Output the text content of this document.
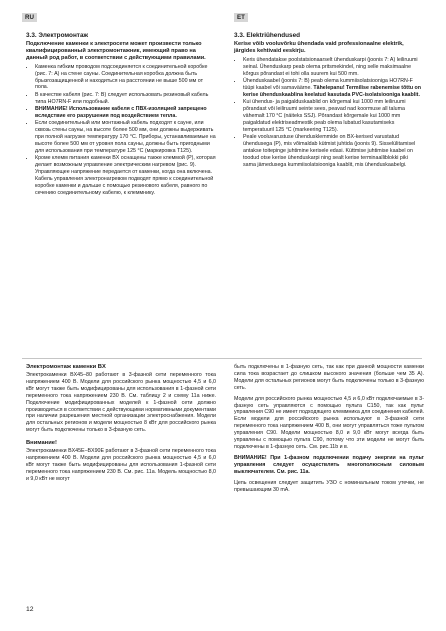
RU	ET
3.3. Электромонтаж

Подключение каменки к электросети может произвести только квалифицированный электромонтажник, имеющий право на данный род работ, в соответствии с действующими правилами.

• Каменка гибким проводом подсоединяется к соединительной коробке (рис. 7: А) на стене сауны. Соединительная коробка должна быть брызгозащищенной и находиться на расстоянии не выше 500 мм от пола.
• В качестве кабеля (рис. 7: В) следует использовать резиновый кабель типа HO7RN-F или подобный.
• ВНИМАНИЕ! Использование кабеля с ПВХ-изоляцией запрещено вследствие его разрушения под воздействием тепла.
• Если соединительный или монтажный кабель подходят к сауне, или сквозь стены сауны, на высоте более 500 мм, они должны выдерживать при полной нагрузке температуру 170 °C. Приборы, устанавливаемые на высоте более 500 мм от уровня пола сауны, должны быть пригодными для использования при температуре 125 °C (маркировка T125).
• Кроме клемм питания каменки BX оснащены также клеммой (P), которая делает возможным управление электрическим нагревом (рис. 9). Управляющее напряжение передается от каменки, когда она включена. Кабель управления электронагревом подводят прямо к соединительной коробке каменки и дальше с помощью резинового кабеля, равного по сечению соединительному кабелю, к клеммнику.
3.3. Elektriühendused

Kerise võib vooluvõrku ühendada vaid professionaalne elektrik, järgides kehtivaid eeskirju.

• Keris ühendatakse poolstatsionaarselt ühenduskarpi (joonis 7: A) leiliruumi seinal. Ühenduskarp peab olema pritsmekindel, ning selle maksimaalne kõrgus põrandast ei tohi olla suurem kui 500 mm.
• Ühenduskaabel (joonis 7: B) peab olema kummiisolatsiooniga HO7RN-F tüüpi kaabel või samaväärne. Tähelepanu! Termilise rabenemise tõttu on kerise ühenduskaablina keelatud kasutada PVC-isolatsiooniga kaablit.
• Kui ühendus- ja paigalduskaablid on kõrgemal kui 1000 mm leiliruumi põrandast või leiliruumi seinte sees, peavad nad koormuse all taluma vähemalt 170 °C (näiteks SSJ). Põrandast kõrgemale kui 1000 mm paigaldatud elektriseadmestik peab olema lubatud kasutamiseks temperatuuril 125 °C (markeering T125).
• Peale vooluvarustuse ühendusklemmide on BX-kerised varustatud ühendusega (P), mis võimaldab kütmist juhtida (joonis 9). Sisselülitamisel antakse toitepinge juhtimine kerisele edasi. Küttmise juhtimise kaabel on toodud otse kerise ühenduskarpi ning sealt kerise terminaalliblokki piki sama jämedusega kummiisolatsiooniga kaablit, mis ühenduskaabelgi.
Электромонтаж каменки BX

Электрокаменки BX45–80 работают в 3-фазной сети переменного тока напряжением 400 В. Модели для российского рынка мощностью 4,5 и 6,0 кВт могут также быть модифицированы для использования в 1-фазной сети переменного тока напряжением 230 В. См. таблицу 2 и схему 11а ниже. Подключение модифицированных моделей к 1-фазной сети должно производиться в соответствии с действующими нормативными документами при наличии разрешения местной организации электроснабжения. Модели для остальных регионов и модели мощностью 8 кВт для российского рынка могут быть подключены только в 3-фазную сеть.

Внимание!

Электрокаменки BX45E–BX90E работают в 3-фазной сети переменного тока напряжением 400 В. Модели для российского рынка мощностью 4,5 и 6,0 кВт могут также быть модифицированы для использования 1-фазной сети переменного тока напряжением 230 В. См. рис. 11а. Модель мощностью 8,0 и 9,0 кВт не могут

быть подключены в 1-фазную сеть, так как при данной мощности каменки сила тока возрастает до слишком высокого значения (больше чем 35 А). Модели для остальных регионов могут быть подключены только в 3-фазную сеть.

Модели для российского рынка мощностью 4,5 и 6,0 кВт подключаемые в 3-фазную сеть управляются с помощью пульта С150, так как пульт управления С90 не имеет подходящего клеммника для соединения кабелей. Если модели для российского рынка используют в 3-фазной сети переменного тока напряжением 400 В, они могут управляться тоже пультом управления С90. Модели мощностью 8,0 и 9,0 кВт могут всегда быть управлены с помощью пульта С90, потому что эти модели не могут быть подключены в 1-фазную сеть. См. рис.11b и в.

ВНИМАНИЕ! При 1-фазном подключении подачу энергии на пульт управления следует осуществлять многополюсным силовым выключателем. См. рис. 11a.

Цепь освещения следует защитить УЗО с номинальным током утечки, не превышающим 30 mA.

12
